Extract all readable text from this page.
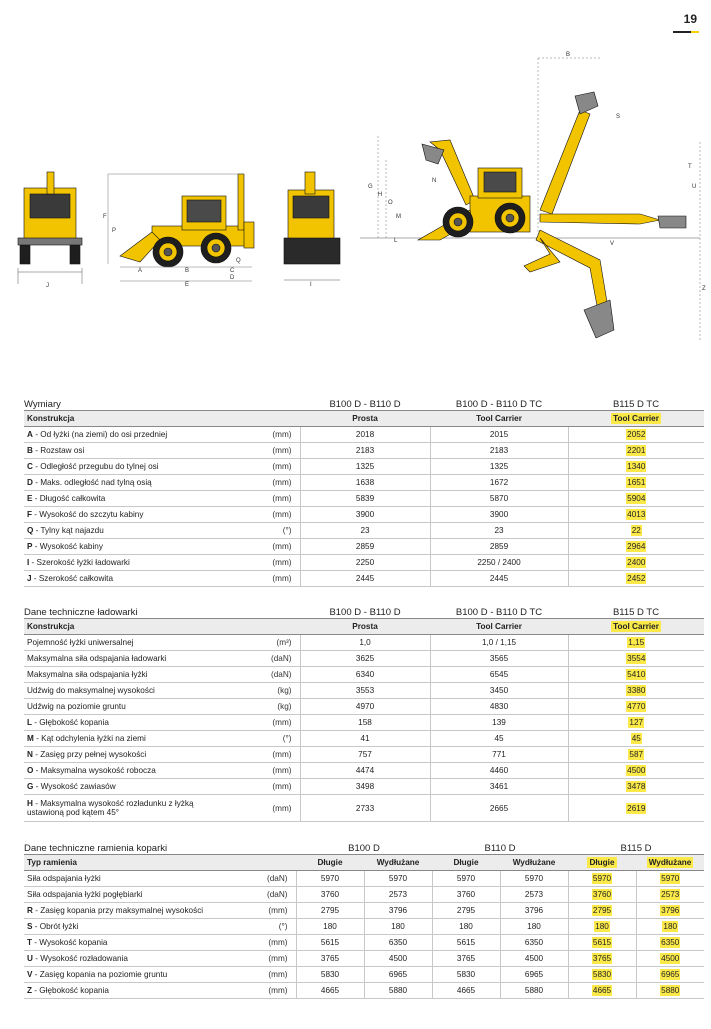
19
J
F
P
A	B	C
D
E
Q
I
B
G
H
O
N
M
L
S
T
U
V
Z
Wymiary	B100 D - B110 D	B100 D - B110 D TC	B115 D TC
Konstrukcja		Prosta	Tool Carrier	Tool Carrier
A - Od łyżki (na ziemi) do osi przedniej	(mm)	2018	2015	2052
B - Rozstaw osi	(mm)	2183	2183	2201
C - Odległość przegubu do tylnej osi	(mm)	1325	1325	1340
D - Maks. odległość nad tylną osią	(mm)	1638	1672	1651
E - Długość całkowita	(mm)	5839	5870	5904
F - Wysokość do szczytu kabiny	(mm)	3900	3900	4013
Q - Tylny kąt najazdu	(°)	23	23	22
P - Wysokość kabiny	(mm)	2859	2859	2964
I - Szerokość łyżki ładowarki	(mm)	2250	2250 / 2400	2400
J - Szerokość całkowita	(mm)	2445	2445	2452
Dane techniczne ładowarki	B100 D - B110 D	B100 D - B110 D TC	B115 D TC
Konstrukcja		Prosta	Tool Carrier	Tool Carrier
Pojemność łyżki uniwersalnej	(m³)	1,0	1,0 / 1,15	1,15
Maksymalna siła odspajania ładowarki	(daN)	3625	3565	3554
Maksymalna siła odspajania łyżki	(daN)	6340	6545	5410
Udźwig do maksymalnej wysokości	(kg)	3553	3450	3380
Udźwig na poziomie gruntu	(kg)	4970	4830	4770
L - Głębokość kopania	(mm)	158	139	127
M - Kąt odchylenia łyżki na ziemi	(°)	41	45	45
N - Zasięg przy pełnej wysokości	(mm)	757	771	587
O - Maksymalna wysokość robocza	(mm)	4474	4460	4500
G - Wysokość zawiasów	(mm)	3498	3461	3478
H - Maksymalna wysokość rozładunku z łyżką
ustawioną pod kątem 45°	(mm)	2733	2665	2619
Dane techniczne ramienia koparki	B100 D	B110 D	B115 D
Typ ramienia		Długie	Wydłużane	Długie	Wydłużane	Długie	Wydłużane
Siła odspajania łyżki	(daN)	5970	5970	5970	5970	5970	5970
Siła odspajania łyżki pogłębiarki	(daN)	3760	2573	3760	2573	3760	2573
R - Zasięg kopania przy maksymalnej wysokości	(mm)	2795	3796	2795	3796	2795	3796
S - Obrót łyżki	(°)	180	180	180	180	180	180
T - Wysokość kopania	(mm)	5615	6350	5615	6350	5615	6350
U - Wysokość rozładowania	(mm)	3765	4500	3765	4500	3765	4500
V - Zasięg kopania na poziomie gruntu	(mm)	5830	6965	5830	6965	5830	6965
Z - Głębokość kopania	(mm)	4665	5880	4665	5880	4665	5880
